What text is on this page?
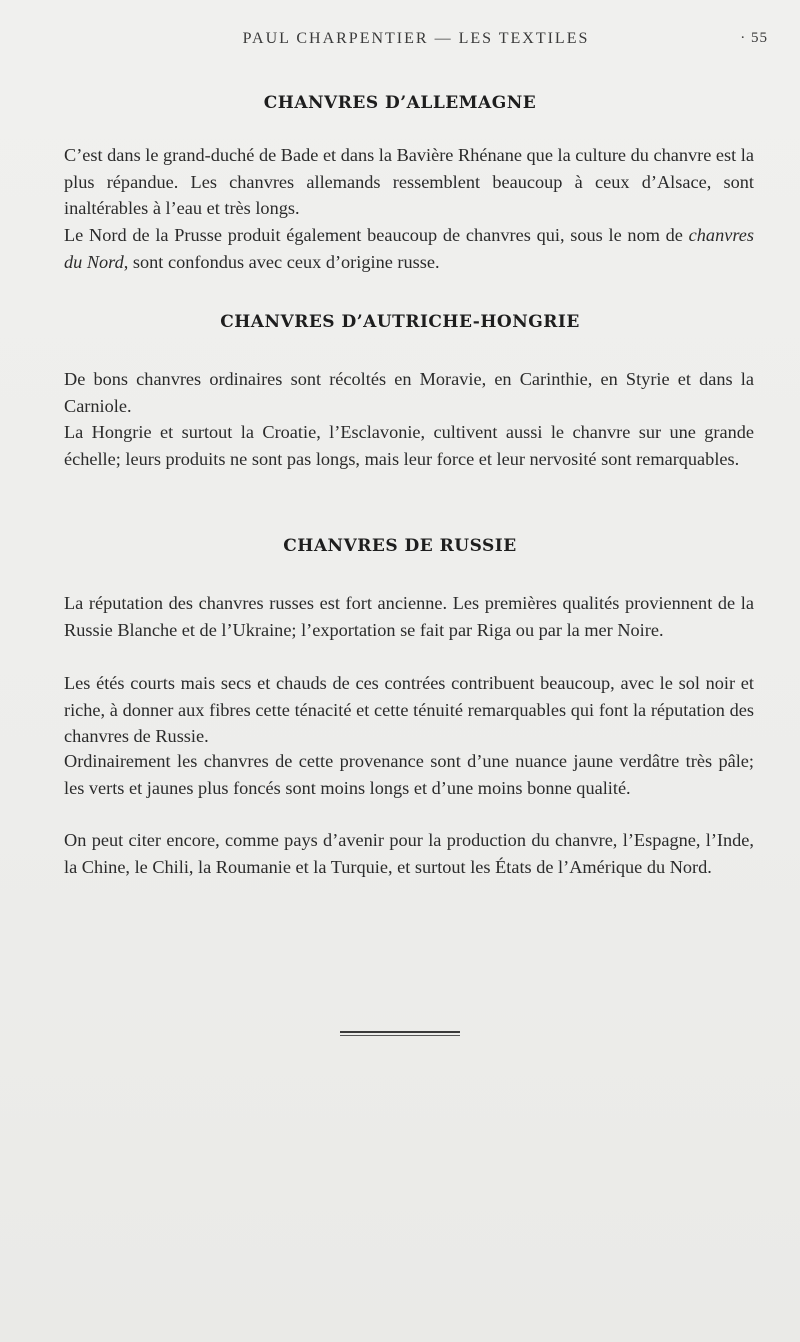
PAUL CHARPENTIER — LES TEXTILES	· 55
CHANVRES D’ALLEMAGNE

C’est dans le grand-duché de Bade et dans la Bavière Rhénane que la culture du chanvre est la plus répandue. Les chanvres allemands ressemblent beaucoup à ceux d’Alsace, sont inaltérables à l’eau et très longs.

Le Nord de la Prusse produit également beaucoup de chanvres qui, sous le nom de chanvres du Nord, sont confondus avec ceux d’origine russe.

CHANVRES D’AUTRICHE-HONGRIE

De bons chanvres ordinaires sont récoltés en Moravie, en Carinthie, en Styrie et dans la Carniole.

La Hongrie et surtout la Croatie, l’Esclavonie, cultivent aussi le chanvre sur une grande échelle; leurs produits ne sont pas longs, mais leur force et leur nervosité sont remarquables.

CHANVRES DE RUSSIE

La réputation des chanvres russes est fort ancienne. Les premières qualités proviennent de la Russie Blanche et de l’Ukraine; l’exportation se fait par Riga ou par la mer Noire.

Les étés courts mais secs et chauds de ces contrées contribuent beaucoup, avec le sol noir et riche, à donner aux fibres cette ténacité et cette ténuité remarquables qui font la réputation des chanvres de Russie.

Ordinairement les chanvres de cette provenance sont d’une nuance jaune verdâtre très pâle; les verts et jaunes plus foncés sont moins longs et d’une moins bonne qualité.

On peut citer encore, comme pays d’avenir pour la production du chanvre, l’Espagne, l’Inde, la Chine, le Chili, la Roumanie et la Turquie, et surtout les États de l’Amérique du Nord.
